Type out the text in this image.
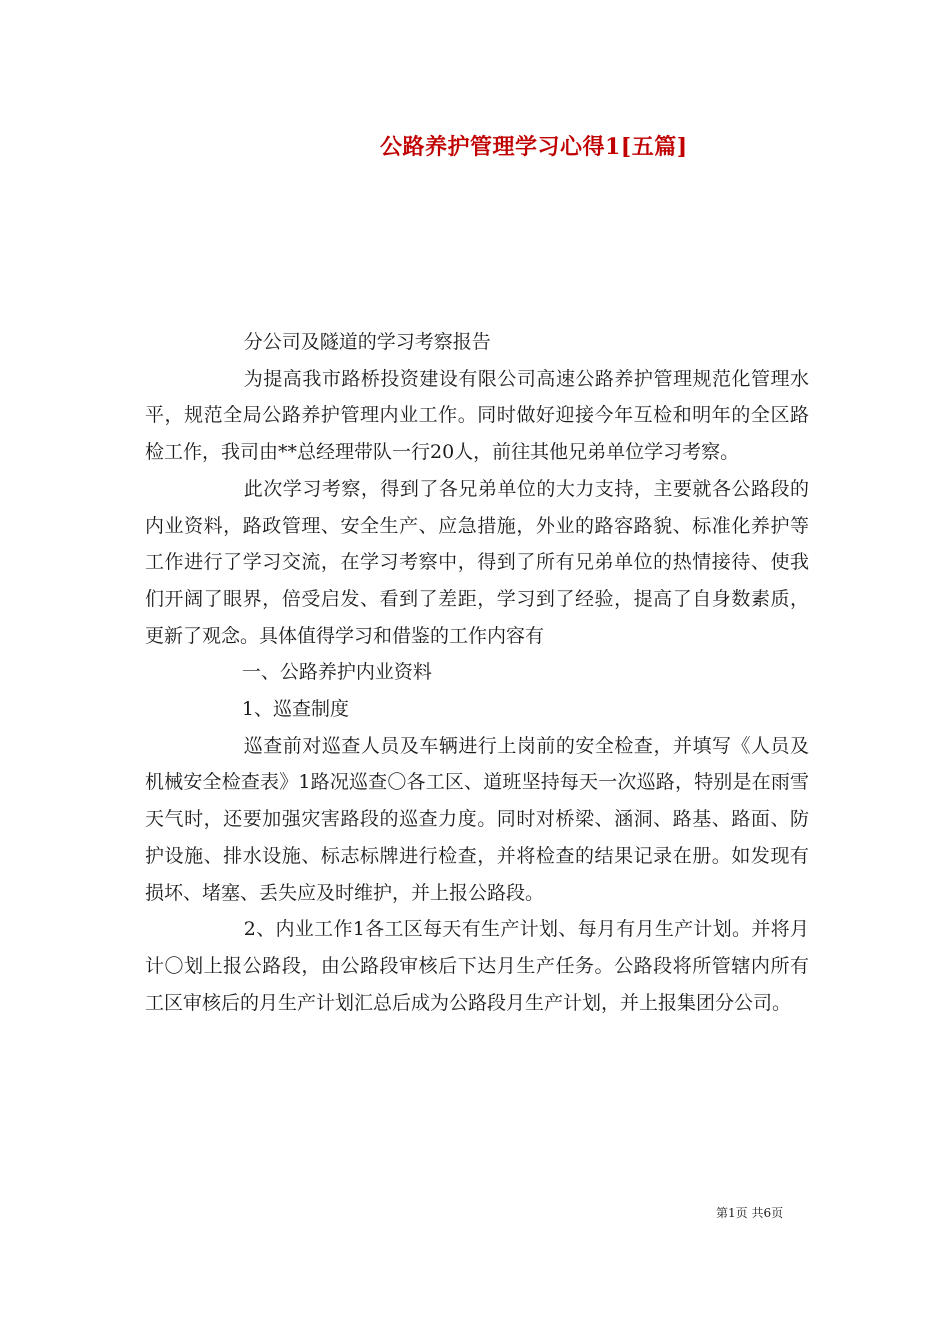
公路养护管理学习心得1[五篇]

分公司及隧道的学习考察报告

为提高我市路桥投资建设有限公司高速公路养护管理规范化管理水平，规范全局公路养护管理内业工作。同时做好迎接今年互检和明年的全区路检工作，我司由**总经理带队一行20人，前往其他兄弟单位学习考察。

此次学习考察，得到了各兄弟单位的大力支持，主要就各公路段的内业资料，路政管理、安全生产、应急措施，外业的路容路貌、标准化养护等工作进行了学习交流，在学习考察中，得到了所有兄弟单位的热情接待、使我们开阔了眼界，倍受启发、看到了差距，学习到了经验，提高了自身数素质，更新了观念。具体值得学习和借鉴的工作内容有

一、公路养护内业资料

1、巡查制度

巡查前对巡查人员及车辆进行上岗前的安全检查，并填写《人员及机械安全检查表》1路况巡查〇各工区、道班坚持每天一次巡路，特别是在雨雪天气时，还要加强灾害路段的巡查力度。同时对桥梁、涵洞、路基、路面、防护设施、排水设施、标志标牌进行检查，并将检查的结果记录在册。如发现有损坏、堵塞、丢失应及时维护，并上报公路段。

2、内业工作1各工区每天有生产计划、每月有月生产计划。并将月计〇划上报公路段，由公路段审核后下达月生产任务。公路段将所管辖内所有工区审核后的月生产计划汇总后成为公路段月生产计划，并上报集团分公司。

第1页 共6页
